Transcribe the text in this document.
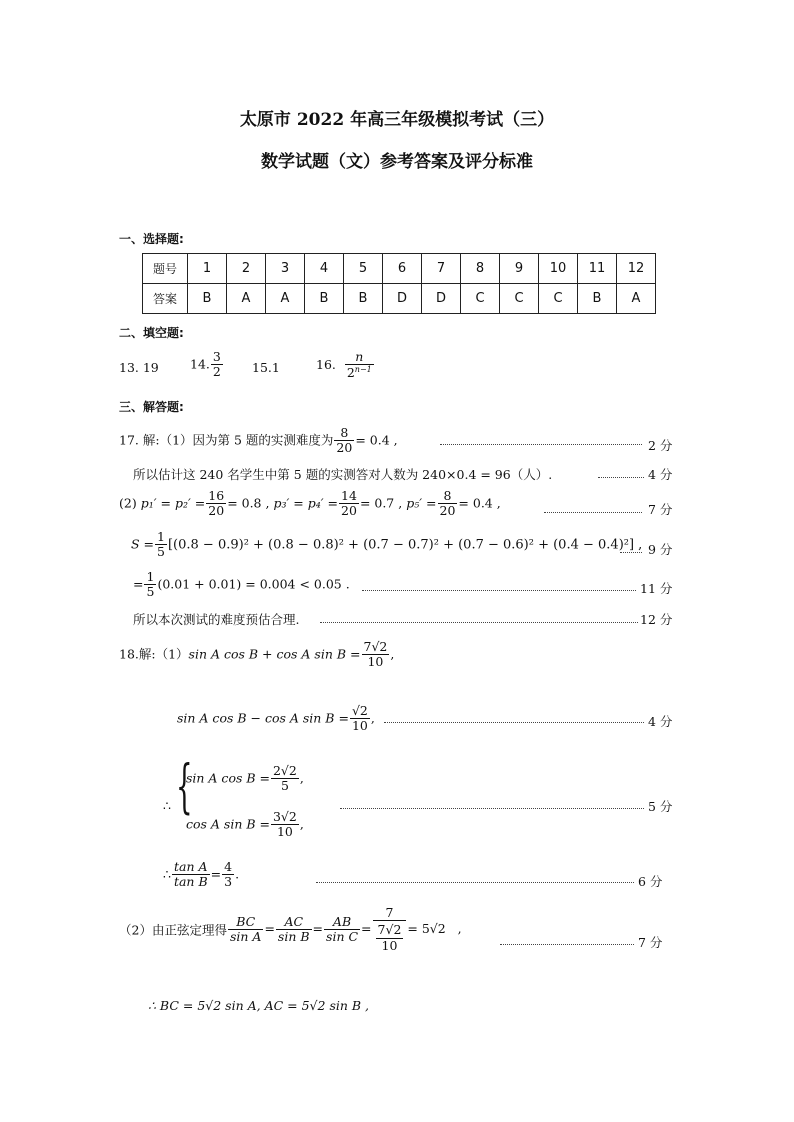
太原市 2022 年高三年级模拟考试（三）
数学试题（文）参考答案及评分标准
一、选择题:
题号	1	2	3	4	5	6	7	8	9	10	11	12
答案	B	A	A	B	B	D	D	C	C	C	B	A
二、填空题:
13. 19 14. $\frac{3}{2} 15.1$	16. $\frac{n}{2^{n-1}}$
三、解答题:
17. 解:（1）因为第 5 题的实测难度为 $\frac{8}{20} = 0.4$ ,	2 分
所以估计这 240 名学生中第 5 题的实测答对人数为 240×0.4 = 96（人）.	4 分
(2) $p_1' = p_2' = \frac{16}{20} = 0.8$ , $p_3' = p_4' = \frac{14}{20} = 0.7$ , $p_5' = \frac{8}{20} = 0.4$ ,	7 分
$S = \frac{1}{5} [(0.8 - 0.9)^2 + (0.8 - 0.8)^2 + (0.7 - 0.7)^2 + (0.7 - 0.6)^2 + (0.4 - 0.4)^2]$ , 9 分
= $\frac{1}{5} (0.01 + 0.01) = 0.004 < 0.05$ .	11 分
所以本次测试的难度预估合理.	12 分
18.解:（1）sin A cos B + cos A $\sin B = \frac{7√2}{10}$ ,
sin A cos B − cos A $\sin B = \frac{√2}{10}$ ,	4 分
∴ {
sin A $\cos B = \frac{2√2}{5}$ ,
cos A $\sin B = \frac{3√2}{10}$ ,
5 分
∴ $\frac{\text{tan A}}{\text{tan B}} = \frac{4}{3}$ .
6 分
（2）由正弦定理得 $\frac{BC}{\text{sin A}} = \frac{AC}{\text{sin B}} = \frac{AB}{\text{sin C}} = \frac{7}{\frac{7√2}{10}} = 5√2$   ,
7 分
∴ BC = 5√2 sin A, AC = 5√2 sin B ,
